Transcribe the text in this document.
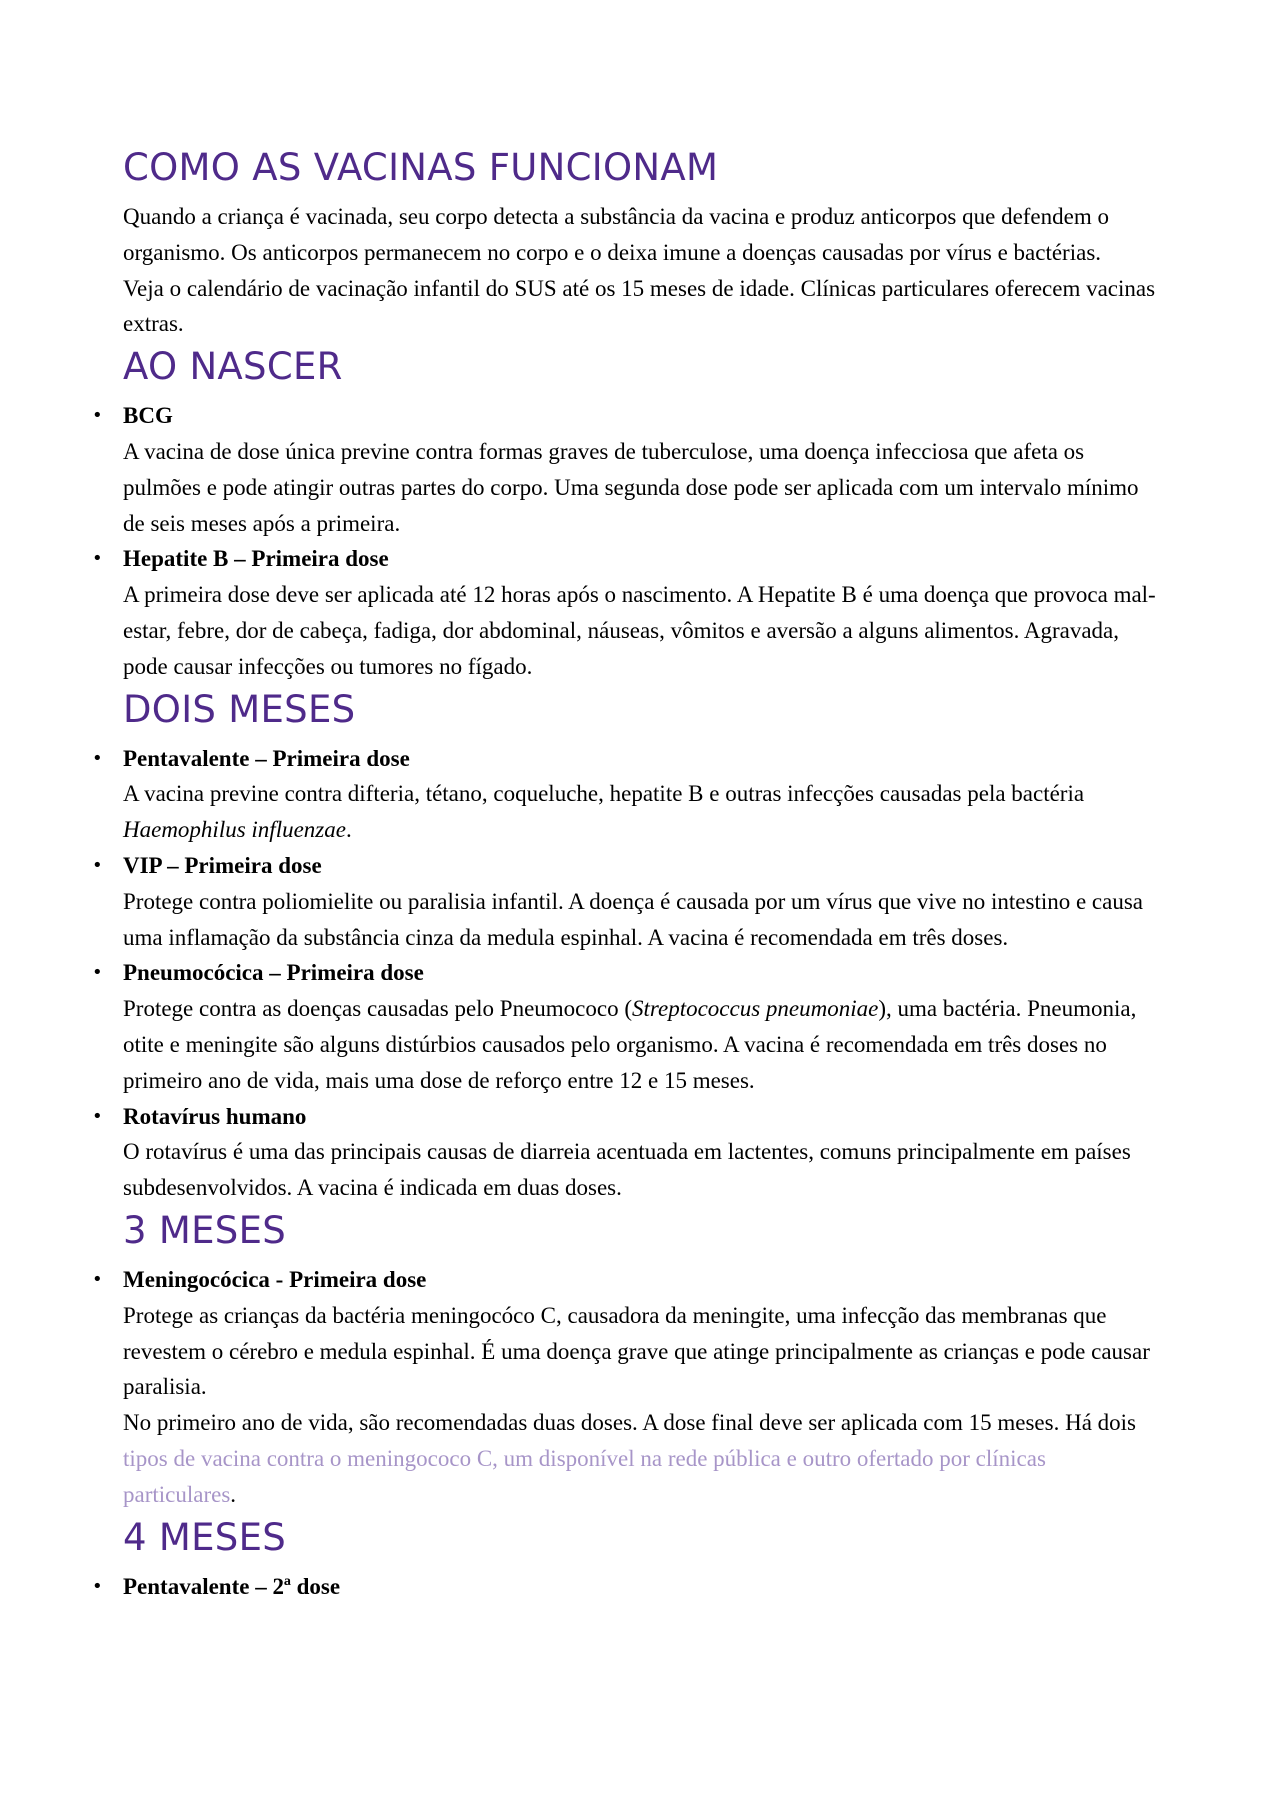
COMO AS VACINAS FUNCIONAM

Quando a criança é vacinada, seu corpo detecta a substância da vacina e produz anticorpos que defendem o organismo. Os anticorpos permanecem no corpo e o deixa imune a doenças causadas por vírus e bactérias.

Veja o calendário de vacinação infantil do SUS até os 15 meses de idade. Clínicas particulares oferecem vacinas extras.

AO NASCER
• BCG
A vacina de dose única previne contra formas graves de tuberculose, uma doença infecciosa que afeta os pulmões e pode atingir outras partes do corpo. Uma segunda dose pode ser aplicada com um intervalo mínimo de seis meses após a primeira.
• Hepatite B – Primeira dose
A primeira dose deve ser aplicada até 12 horas após o nascimento. A Hepatite B é uma doença que provoca mal-estar, febre, dor de cabeça, fadiga, dor abdominal, náuseas, vômitos e aversão a alguns alimentos. Agravada, pode causar infecções ou tumores no fígado.
DOIS MESES
• Pentavalente – Primeira dose
A vacina previne contra difteria, tétano, coqueluche, hepatite B e outras infecções causadas pela bactéria Haemophilus influenzae.
• VIP – Primeira dose
Protege contra poliomielite ou paralisia infantil. A doença é causada por um vírus que vive no intestino e causa uma inflamação da substância cinza da medula espinhal. A vacina é recomendada em três doses.
• Pneumocócica – Primeira dose
Protege contra as doenças causadas pelo Pneumococo (Streptococcus pneumoniae), uma bactéria. Pneumonia, otite e meningite são alguns distúrbios causados pelo organismo. A vacina é recomendada em três doses no primeiro ano de vida, mais uma dose de reforço entre 12 e 15 meses.
• Rotavírus humano
O rotavírus é uma das principais causas de diarreia acentuada em lactentes, comuns principalmente em países subdesenvolvidos. A vacina é indicada em duas doses.
3 MESES
• Meningocócica - Primeira dose
Protege as crianças da bactéria meningocóco C, causadora da meningite, uma infecção das membranas que revestem o cérebro e medula espinhal. É uma doença grave que atinge principalmente as crianças e pode causar paralisia.
No primeiro ano de vida, são recomendadas duas doses. A dose final deve ser aplicada com 15 meses. Há dois tipos de vacina contra o meningococo C, um disponível na rede pública e outro ofertado por clínicas particulares.
4 MESES
• Pentavalente – 2ª dose
